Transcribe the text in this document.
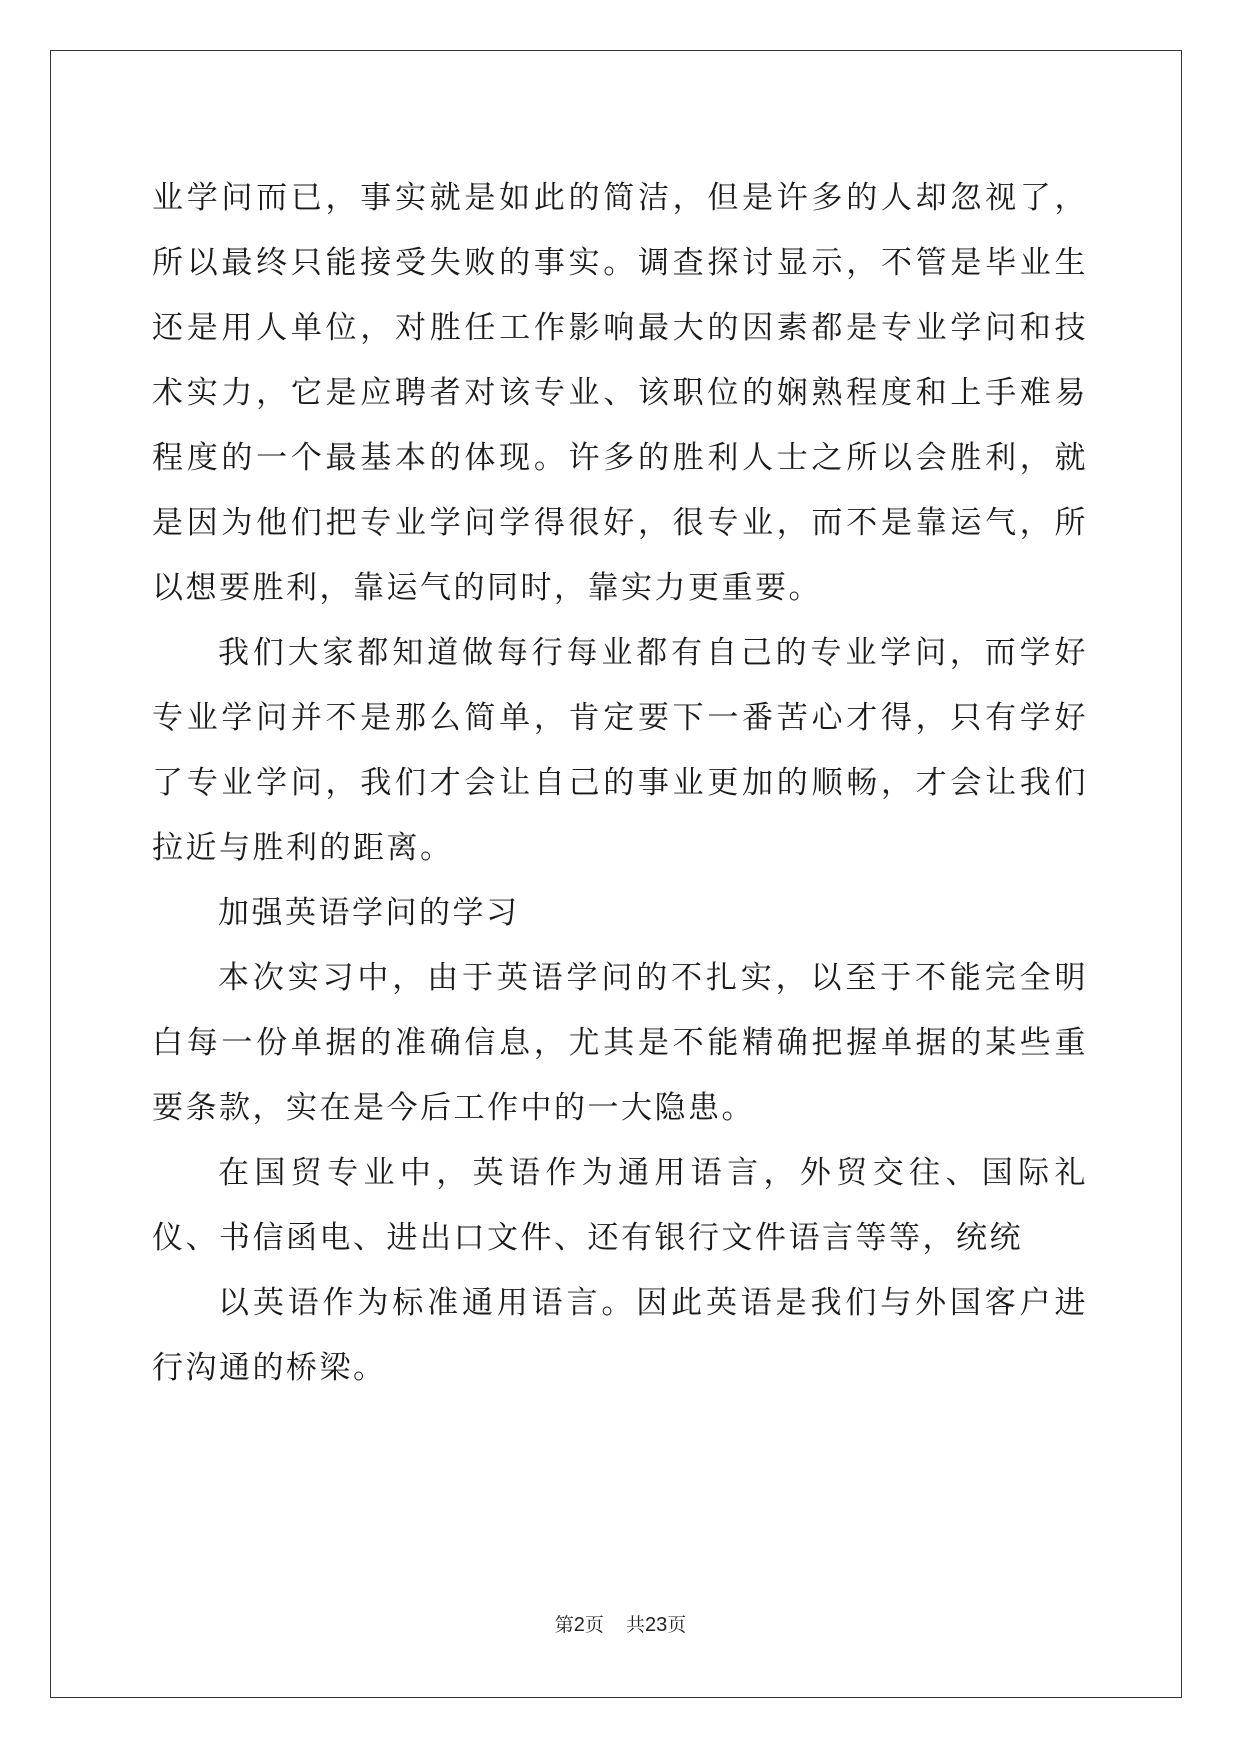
业学问而已，事实就是如此的简洁，但是许多的人却忽视了，所以最终只能接受失败的事实。调查探讨显示，不管是毕业生还是用人单位，对胜任工作影响最大的因素都是专业学问和技术实力，它是应聘者对该专业、该职位的娴熟程度和上手难易程度的一个最基本的体现。许多的胜利人士之所以会胜利，就是因为他们把专业学问学得很好，很专业，而不是靠运气，所以想要胜利，靠运气的同时，靠实力更重要。

我们大家都知道做每行每业都有自己的专业学问，而学好专业学问并不是那么简单，肯定要下一番苦心才得，只有学好了专业学问，我们才会让自己的事业更加的顺畅，才会让我们拉近与胜利的距离。

加强英语学问的学习

本次实习中，由于英语学问的不扎实，以至于不能完全明白每一份单据的准确信息，尤其是不能精确把握单据的某些重要条款，实在是今后工作中的一大隐患。

在国贸专业中，英语作为通用语言，外贸交往、国际礼仪、书信函电、进出口文件、还有银行文件语言等等，统统

以英语作为标准通用语言。因此英语是我们与外国客户进行沟通的桥梁。

第2页 共23页
